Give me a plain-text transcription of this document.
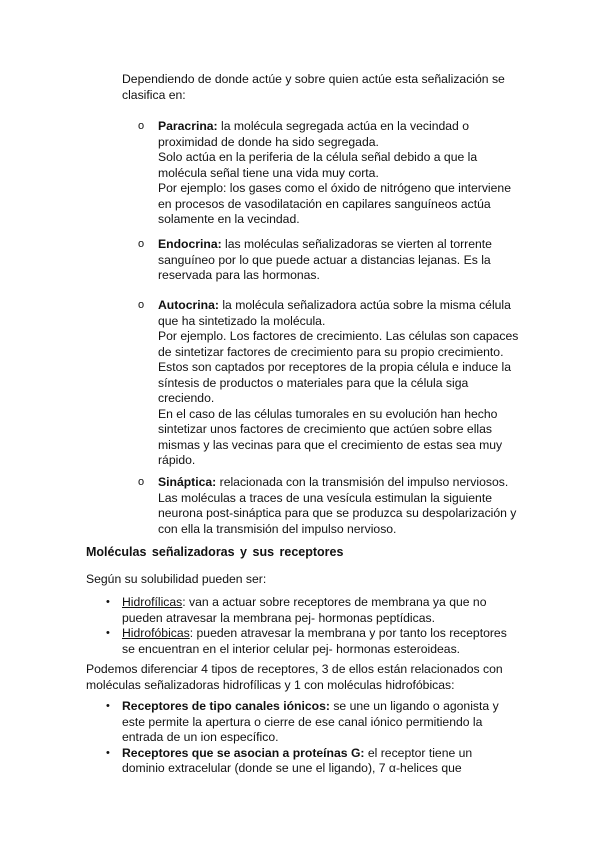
Dependiendo de donde actúe y sobre quien actúe esta señalización se clasifica en:

o Paracrina: la molécula segregada actúa en la vecindad o proximidad de donde ha sido segregada.

Solo actúa en la periferia de la célula señal debido a que la molécula señal tiene una vida muy corta.

Por ejemplo: los gases como el óxido de nitrógeno que interviene en procesos de vasodilatación en capilares sanguíneos actúa solamente en la vecindad.

o Endocrina: las moléculas señalizadoras se vierten al torrente sanguíneo por lo que puede actuar a distancias lejanas. Es la reservada para las hormonas.

o Autocrina: la molécula señalizadora actúa sobre la misma célula que ha sintetizado la molécula.

Por ejemplo. Los factores de crecimiento. Las células son capaces de sintetizar factores de crecimiento para su propio crecimiento. Estos son captados por receptores de la propia célula e induce la síntesis de productos o materiales para que la célula siga creciendo.

En el caso de las células tumorales en su evolución han hecho sintetizar unos factores de crecimiento que actúen sobre ellas mismas y las vecinas para que el crecimiento de estas sea muy rápido.

o Sináptica: relacionada con la transmisión del impulso nerviosos. Las moléculas a traces de una vesícula estimulan la siguiente neurona post-sináptica para que se produzca su despolarización y con ella la transmisión del impulso nervioso.

Moléculas señalizadoras y sus receptores

Según su solubilidad pueden ser:

• Hidrofílicas: van a actuar sobre receptores de membrana ya que no pueden atravesar la membrana pej- hormonas peptídicas.
• Hidrofóbicas: pueden atravesar la membrana y por tanto los receptores se encuentran en el interior celular pej- hormonas esteroideas.

Podemos diferenciar 4 tipos de receptores, 3 de ellos están relacionados con moléculas señalizadoras hidrofílicas y 1 con moléculas hidrofóbicas:

• Receptores de tipo canales iónicos: se une un ligando o agonista y este permite la apertura o cierre de ese canal iónico permitiendo la entrada de un ion específico.
• Receptores que se asocian a proteínas G: el receptor tiene un dominio extracelular (donde se une el ligando), 7 α-helices que
